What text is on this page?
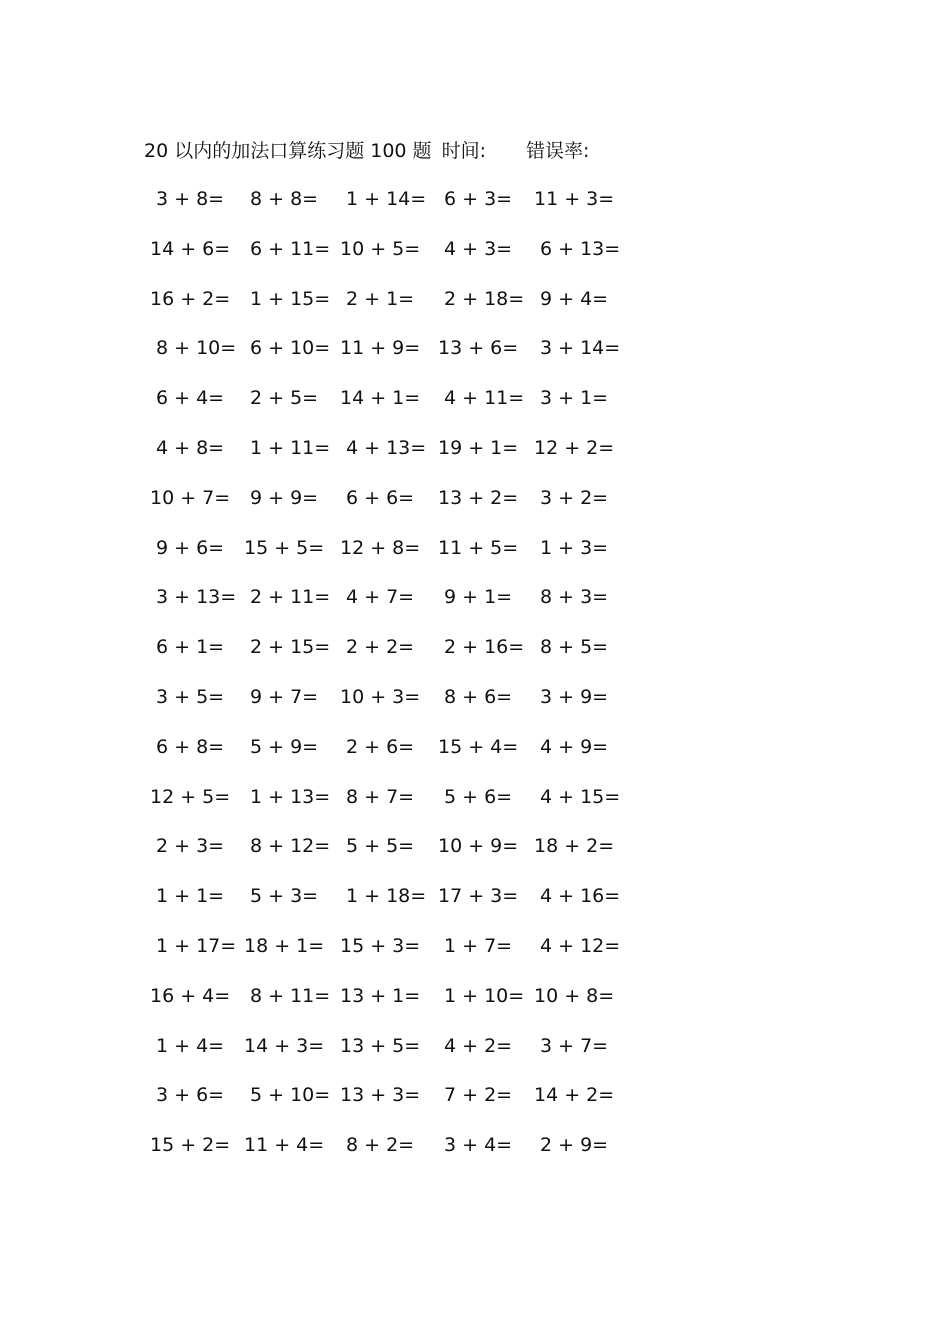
20 以内的加法口算练习题 100 题 时间: 错误率:
3 + 8= 8 + 8= 1 + 14= 6 + 3= 11 + 3=
14 + 6= 6 + 11= 10 + 5= 4 + 3= 6 + 13=
16 + 2= 1 + 15= 2 + 1= 2 + 18= 9 + 4=
8 + 10= 6 + 10= 11 + 9= 13 + 6= 3 + 14=
6 + 4= 2 + 5= 14 + 1= 4 + 11= 3 + 1=
4 + 8= 1 + 11= 4 + 13= 19 + 1= 12 + 2=
10 + 7= 9 + 9= 6 + 6= 13 + 2= 3 + 2=
9 + 6= 15 + 5= 12 + 8= 11 + 5= 1 + 3=
3 + 13= 2 + 11= 4 + 7= 9 + 1= 8 + 3=
6 + 1= 2 + 15= 2 + 2= 2 + 16= 8 + 5=
3 + 5= 9 + 7= 10 + 3= 8 + 6= 3 + 9=
6 + 8= 5 + 9= 2 + 6= 15 + 4= 4 + 9=
12 + 5= 1 + 13= 8 + 7= 5 + 6= 4 + 15=
2 + 3= 8 + 12= 5 + 5= 10 + 9= 18 + 2=
1 + 1= 5 + 3= 1 + 18= 17 + 3= 4 + 16=
1 + 17= 18 + 1= 15 + 3= 1 + 7= 4 + 12=
16 + 4= 8 + 11= 13 + 1= 1 + 10= 10 + 8=
1 + 4= 14 + 3= 13 + 5= 4 + 2= 3 + 7=
3 + 6= 5 + 10= 13 + 3= 7 + 2= 14 + 2=
15 + 2= 11 + 4= 8 + 2= 3 + 4= 2 + 9=
